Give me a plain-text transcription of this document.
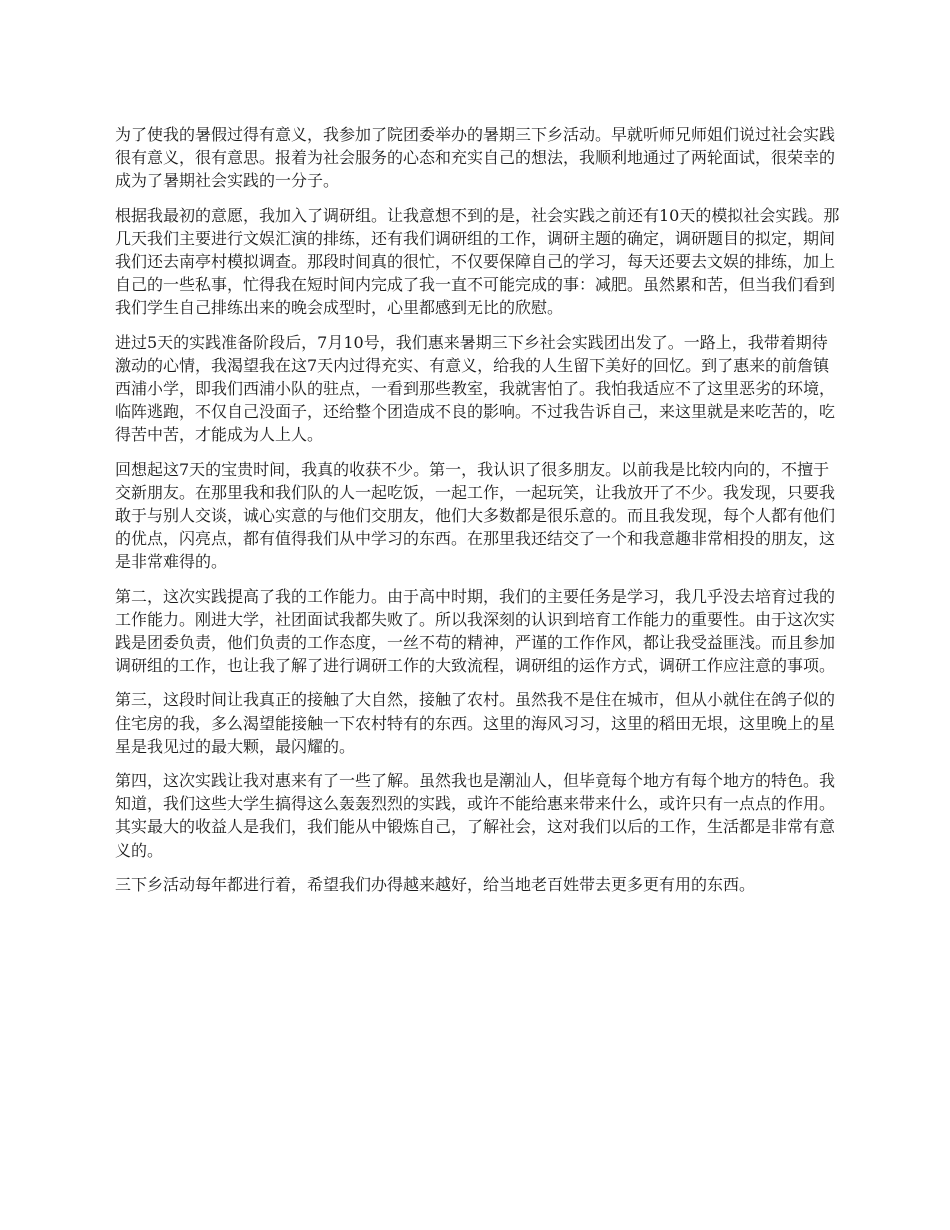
为了使我的暑假过得有意义，我参加了院团委举办的暑期三下乡活动。早就听师兄师姐们说过社会实践很有意义，很有意思。报着为社会服务的心态和充实自己的想法，我顺利地通过了两轮面试，很荣幸的成为了暑期社会实践的一分子。

根据我最初的意愿，我加入了调研组。让我意想不到的是，社会实践之前还有10天的模拟社会实践。那几天我们主要进行文娱汇演的排练，还有我们调研组的工作，调研主题的确定，调研题目的拟定，期间我们还去南亭村模拟调查。那段时间真的很忙，不仅要保障自己的学习，每天还要去文娱的排练，加上自己的一些私事，忙得我在短时间内完成了我一直不可能完成的事：减肥。虽然累和苦，但当我们看到我们学生自己排练出来的晚会成型时，心里都感到无比的欣慰。

进过5天的实践准备阶段后，7月10号，我们惠来暑期三下乡社会实践团出发了。一路上，我带着期待激动的心情，我渴望我在这7天内过得充实、有意义，给我的人生留下美好的回忆。到了惠来的前詹镇西浦小学，即我们西浦小队的驻点，一看到那些教室，我就害怕了。我怕我适应不了这里恶劣的环境，临阵逃跑，不仅自己没面子，还给整个团造成不良的影响。不过我告诉自己，来这里就是来吃苦的，吃得苦中苦，才能成为人上人。

回想起这7天的宝贵时间，我真的收获不少。第一，我认识了很多朋友。以前我是比较内向的，不擅于交新朋友。在那里我和我们队的人一起吃饭，一起工作，一起玩笑，让我放开了不少。我发现，只要我敢于与别人交谈，诚心实意的与他们交朋友，他们大多数都是很乐意的。而且我发现，每个人都有他们的优点，闪亮点，都有值得我们从中学习的东西。在那里我还结交了一个和我意趣非常相投的朋友，这是非常难得的。

第二，这次实践提高了我的工作能力。由于高中时期，我们的主要任务是学习，我几乎没去培育过我的工作能力。刚进大学，社团面试我都失败了。所以我深刻的认识到培育工作能力的重要性。由于这次实践是团委负责，他们负责的工作态度，一丝不苟的精神，严谨的工作作风，都让我受益匪浅。而且参加调研组的工作，也让我了解了进行调研工作的大致流程，调研组的运作方式，调研工作应注意的事项。

第三，这段时间让我真正的接触了大自然，接触了农村。虽然我不是住在城市，但从小就住在鸽子似的住宅房的我，多么渴望能接触一下农村特有的东西。这里的海风习习，这里的稻田无垠，这里晚上的星星是我见过的最大颗，最闪耀的。

第四，这次实践让我对惠来有了一些了解。虽然我也是潮汕人，但毕竟每个地方有每个地方的特色。我知道，我们这些大学生搞得这么轰轰烈烈的实践，或许不能给惠来带来什么，或许只有一点点的作用。其实最大的收益人是我们，我们能从中锻炼自己，了解社会，这对我们以后的工作，生活都是非常有意义的。

三下乡活动每年都进行着，希望我们办得越来越好，给当地老百姓带去更多更有用的东西。
